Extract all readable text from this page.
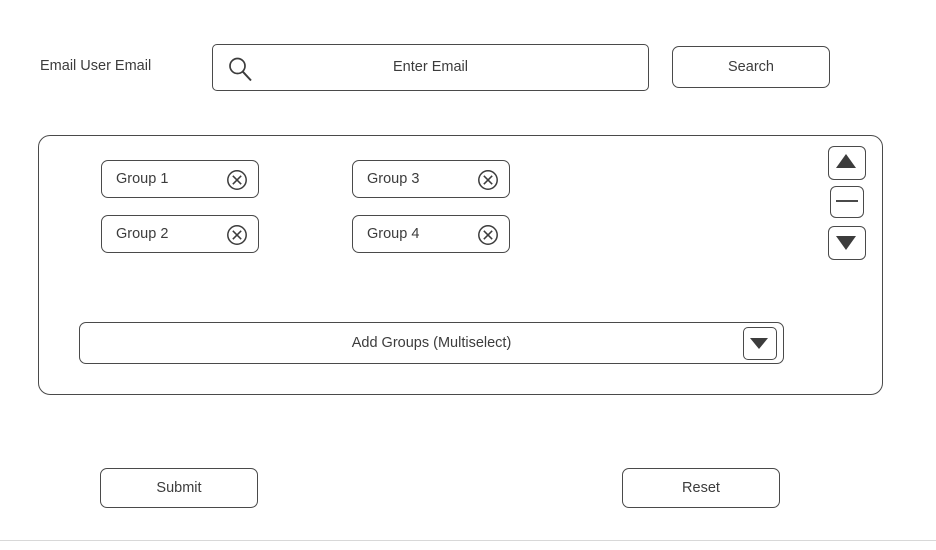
Email User Email	Enter Email	Search
Group 1
Group 2
Group 3
Group 4
Add Groups (Multiselect)
Submit	Reset
